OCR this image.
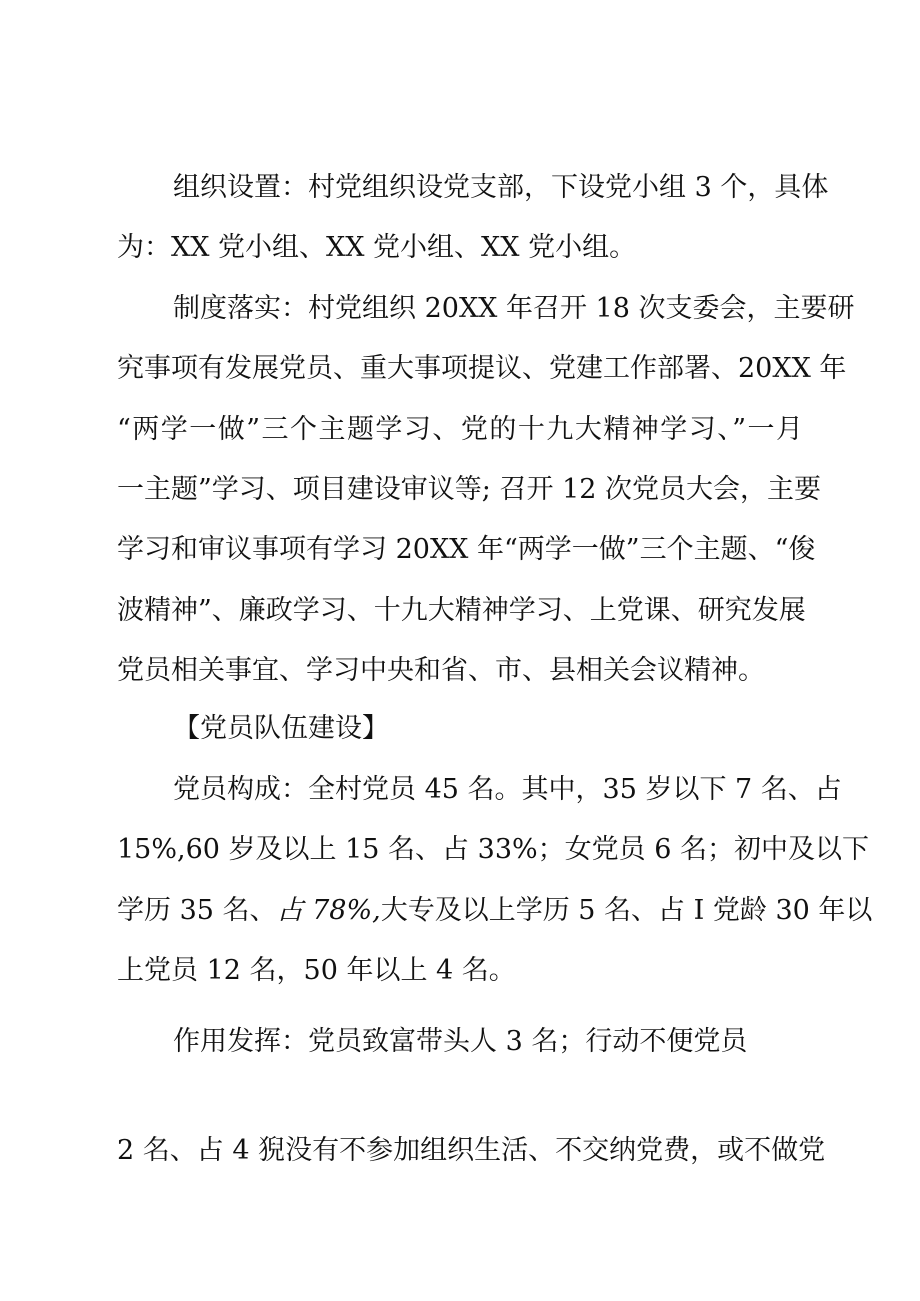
组织设置：村党组织设党支部，下设党小组 3 个，具体
为：XX 党小组、XX 党小组、XX 党小组。
制度落实：村党组织 20XX 年召开 18 次支委会，主要研
究事项有发展党员、重大事项提议、党建工作部署、20XX 年
“两学一做”三个主题学习、党的十九大精神学习、”一月
一主题”学习、项目建设审议等; 召开 12 次党员大会，主要
学习和审议事项有学习 20XX 年“两学一做”三个主题、“俊
波精神”、廉政学习、十九大精神学习、上党课、研究发展
党员相关事宜、学习中央和省、市、县相关会议精神。
【党员队伍建设】
党员构成：全村党员 45 名。其中，35 岁以下 7 名、占
15%,60 岁及以上 15 名、占 33%；女党员 6 名；初中及以下
学历 35 名、占 78%,大专及以上学历 5 名、占 I 党龄 30 年以
上党员 12 名，50 年以上 4 名。
作用发挥：党员致富带头人 3 名；行动不便党员
2 名、占 4 猊没有不参加组织生活、不交纳党费，或不做党
